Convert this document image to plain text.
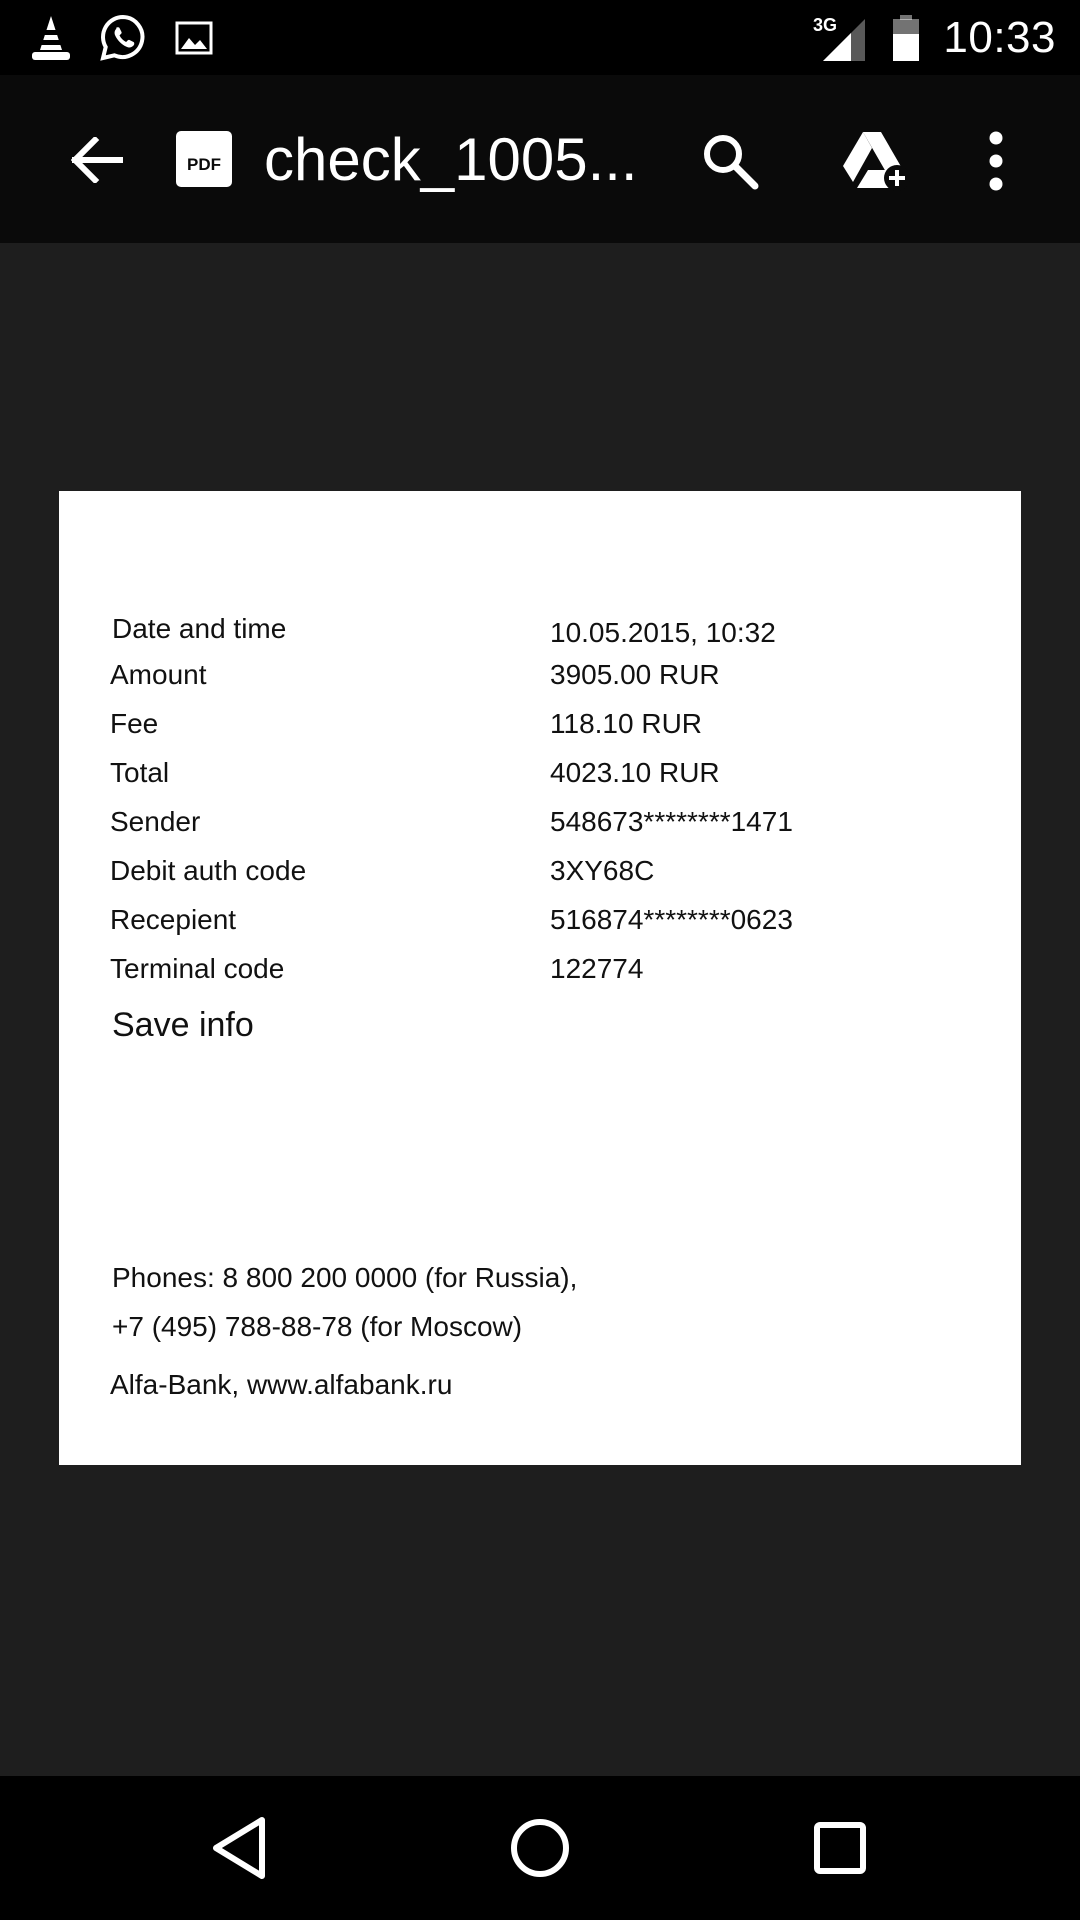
3G 10:33
PDF check_1005...
Date and time	10.05.2015, 10:32
Amount	3905.00 RUR
Fee	118.10 RUR
Total	4023.10 RUR
Sender	548673********1471
Debit auth code	3XY68C
Recepient	516874********0623
Terminal code	122774
Save info
Phones: 8 800 200 0000 (for Russia),
+7 (495) 788-88-78 (for Moscow)
Alfa-Bank, www.alfabank.ru
